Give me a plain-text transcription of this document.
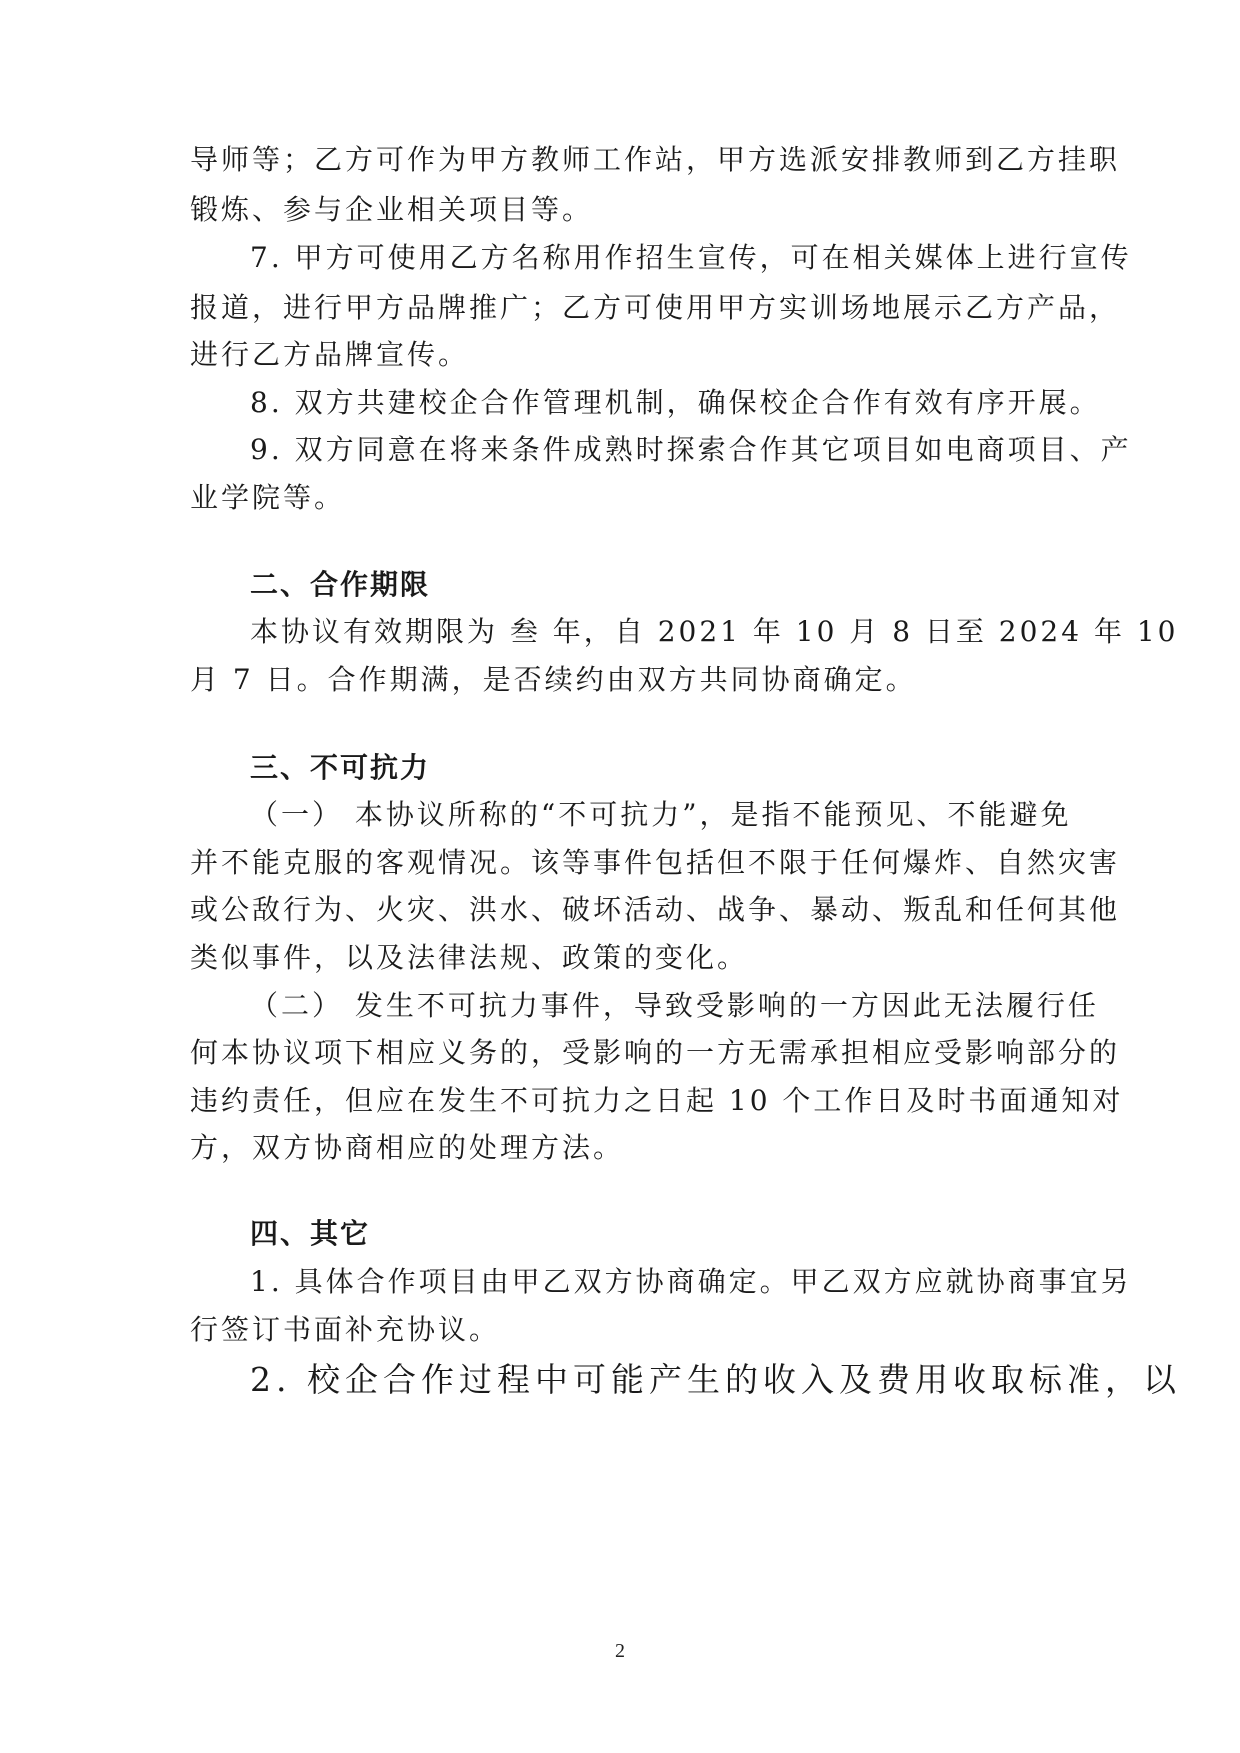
导师等；乙方可作为甲方教师工作站，甲方选派安排教师到乙方挂职
锻炼、参与企业相关项目等。
7. 甲方可使用乙方名称用作招生宣传，可在相关媒体上进行宣传
报道，进行甲方品牌推广；乙方可使用甲方实训场地展示乙方产品，
进行乙方品牌宣传。
8. 双方共建校企合作管理机制，确保校企合作有效有序开展。
9. 双方同意在将来条件成熟时探索合作其它项目如电商项目、产
业学院等。
二、合作期限
本协议有效期限为 叁 年，自 2021 年 10 月 8 日至 2024 年 10
月 7 日。合作期满，是否续约由双方共同协商确定。
三、不可抗力
（一） 本协议所称的“不可抗力”，是指不能预见、不能避免
并不能克服的客观情况。该等事件包括但不限于任何爆炸、自然灾害
或公敌行为、火灾、洪水、破坏活动、战争、暴动、叛乱和任何其他
类似事件，以及法律法规、政策的变化。
（二） 发生不可抗力事件，导致受影响的一方因此无法履行任
何本协议项下相应义务的，受影响的一方无需承担相应受影响部分的
违约责任，但应在发生不可抗力之日起 10 个工作日及时书面通知对
方，双方协商相应的处理方法。
四、其它
1. 具体合作项目由甲乙双方协商确定。甲乙双方应就协商事宜另
行签订书面补充协议。
2. 校企合作过程中可能产生的收入及费用收取标准，以
2
